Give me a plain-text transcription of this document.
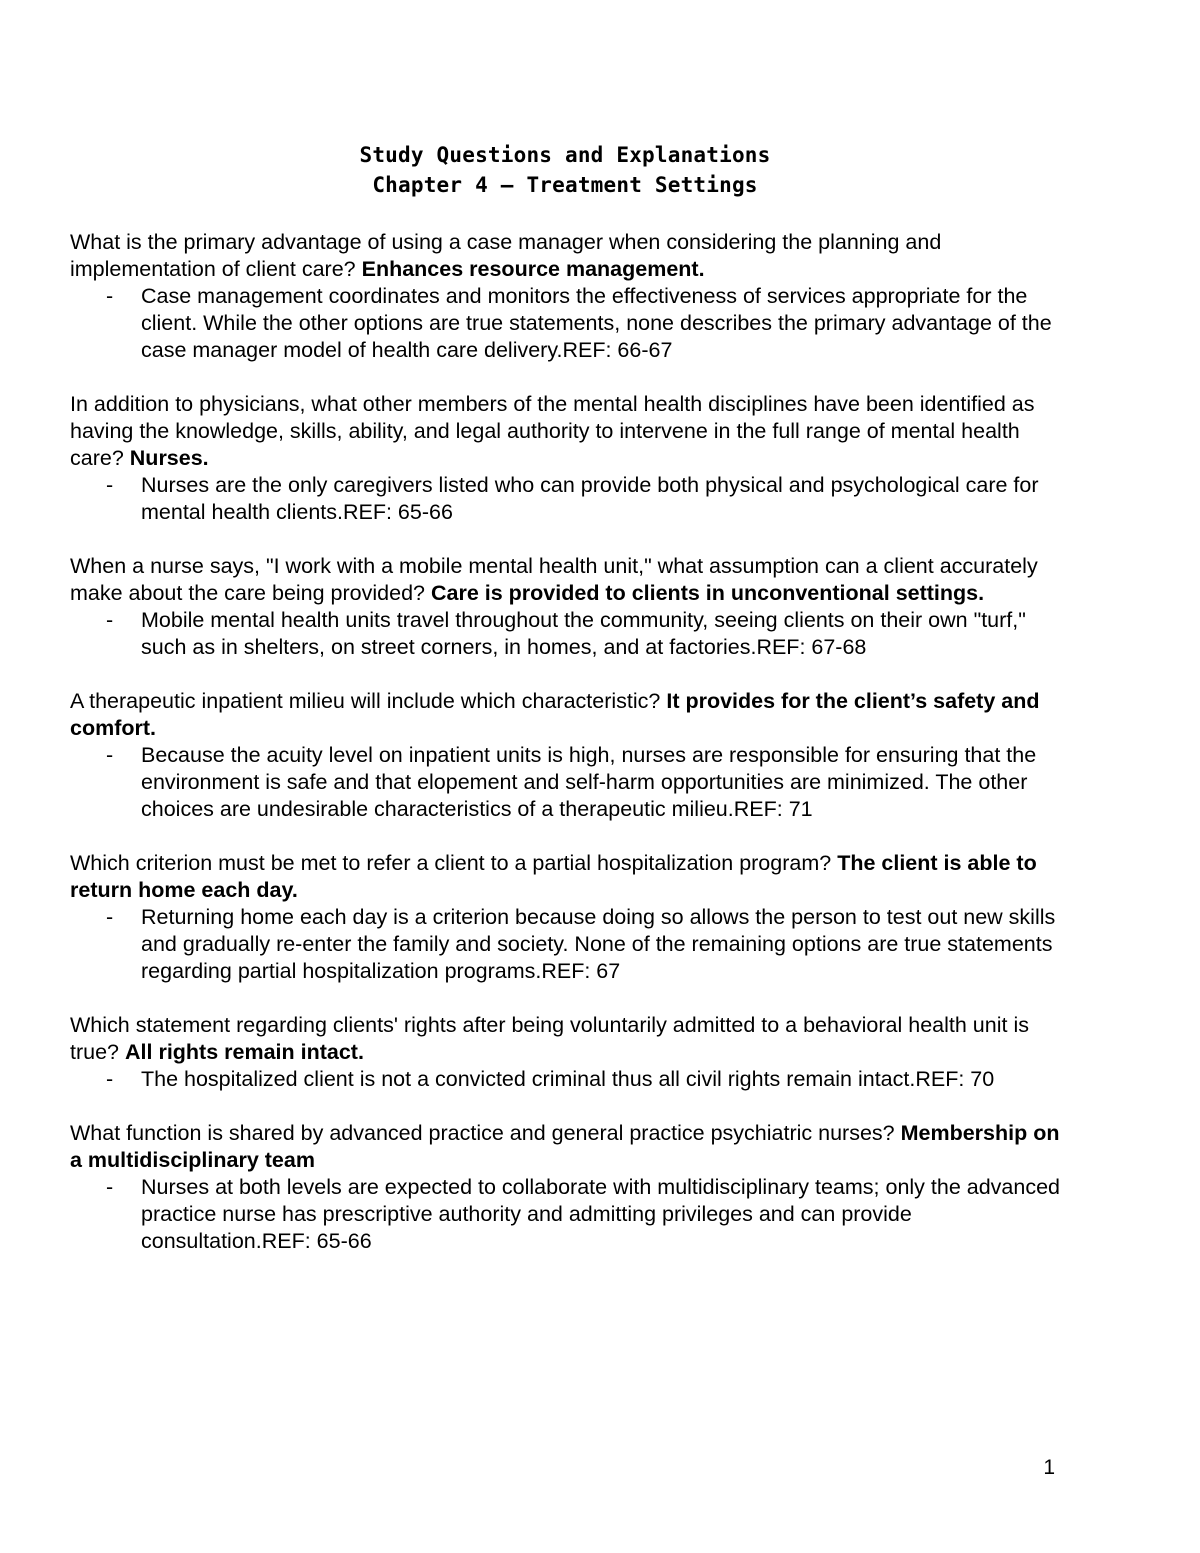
Study Questions and Explanations
Chapter 4 – Treatment Settings

What is the primary advantage of using a case manager when considering the planning and implementation of client care? Enhances resource management.

- Case management coordinates and monitors the effectiveness of services appropriate for the client. While the other options are true statements, none describes the primary advantage of the case manager model of health care delivery.REF: 66-67

In addition to physicians, what other members of the mental health disciplines have been identified as having the knowledge, skills, ability, and legal authority to intervene in the full range of mental health care? Nurses.

- Nurses are the only caregivers listed who can provide both physical and psychological care for mental health clients.REF: 65-66

When a nurse says, "I work with a mobile mental health unit," what assumption can a client accurately make about the care being provided? Care is provided to clients in unconventional settings.

- Mobile mental health units travel throughout the community, seeing clients on their own "turf," such as in shelters, on street corners, in homes, and at factories.REF: 67-68

A therapeutic inpatient milieu will include which characteristic? It provides for the client’s safety and comfort.

- Because the acuity level on inpatient units is high, nurses are responsible for ensuring that the environment is safe and that elopement and self-harm opportunities are minimized. The other choices are undesirable characteristics of a therapeutic milieu.REF: 71

Which criterion must be met to refer a client to a partial hospitalization program? The client is able to return home each day.

- Returning home each day is a criterion because doing so allows the person to test out new skills and gradually re-enter the family and society. None of the remaining options are true statements regarding partial hospitalization programs.REF: 67

Which statement regarding clients' rights after being voluntarily admitted to a behavioral health unit is true? All rights remain intact.

- The hospitalized client is not a convicted criminal thus all civil rights remain intact.REF: 70

What function is shared by advanced practice and general practice psychiatric nurses? Membership on a multidisciplinary team

- Nurses at both levels are expected to collaborate with multidisciplinary teams; only the advanced practice nurse has prescriptive authority and admitting privileges and can provide consultation.REF: 65-66

1
